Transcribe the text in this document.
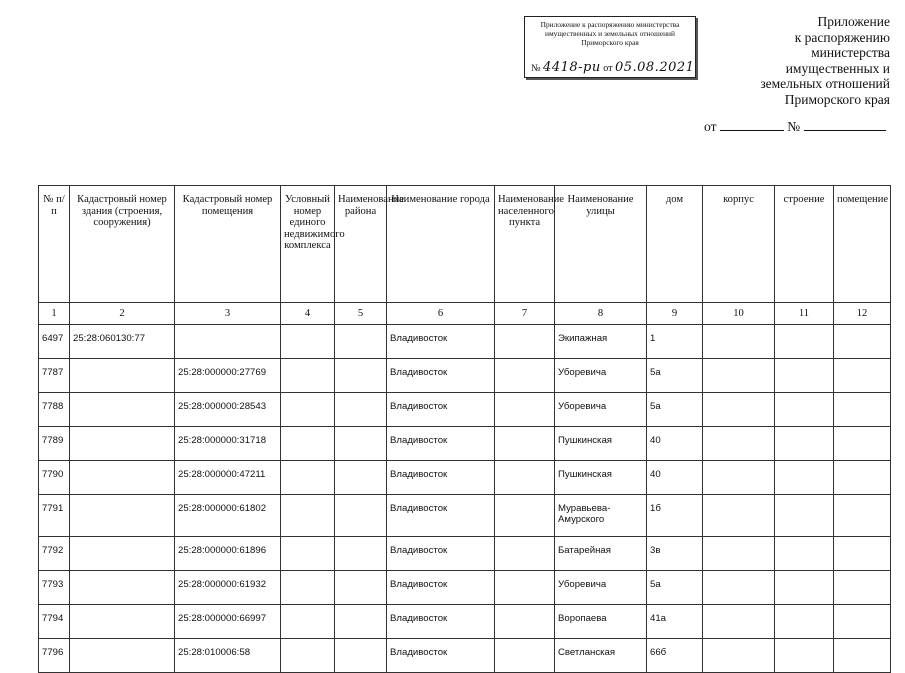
Приложение к распоряжению министерства
имущественных и земельных отношений
Приморского края
№ 4418-ри от 05.08.2021
Приложение
к распоряжению
министерства
имущественных и
земельных отношений
Приморского края
от	№
№ п/п	Кадастровый номер здания (строения, сооружения)	Кадастровый номер помещения	Условный номер единого недвижимого комплекса	Наименование района	Наименование города	Наименование населенного пункта	Наименование улицы	дом	корпус	строение	помещение
1	2	3	4	5	6	7	8	9	10	11	12
6497	25:28:060130:77				Владивосток		Экипажная	1			
7787		25:28:000000:27769			Владивосток		Уборевича	5а			
7788		25:28:000000:28543			Владивосток		Уборевича	5а			
7789		25:28:000000:31718			Владивосток		Пушкинская	40			
7790		25:28:000000:47211			Владивосток		Пушкинская	40			
7791		25:28:000000:61802			Владивосток		Муравьева-Амурского	1б			
7792		25:28:000000:61896			Владивосток		Батарейная	3в			
7793		25:28:000000:61932			Владивосток		Уборевича	5а			
7794		25:28:000000:66997			Владивосток		Воропаева	41а			
7796		25:28:010006:58			Владивосток		Светланская	66б			
